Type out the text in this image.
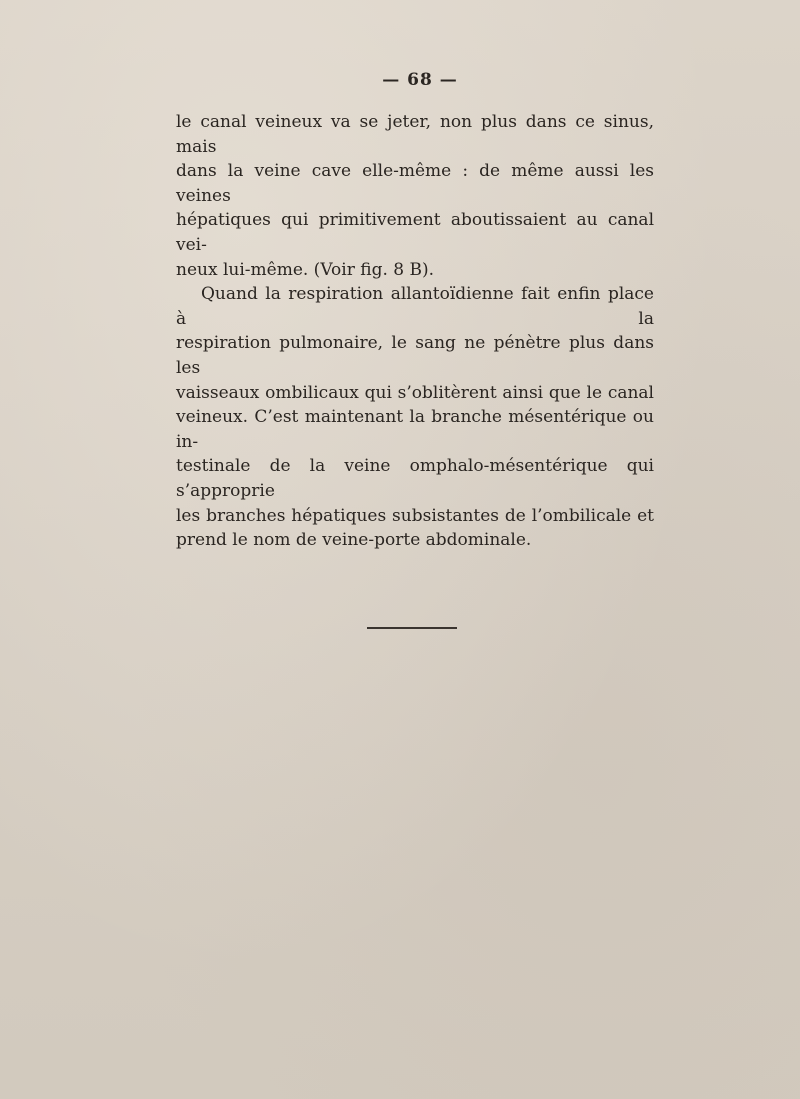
— 68 —

le canal veineux va se jeter, non plus dans ce sinus, mais

dans la veine cave elle-même : de même aussi les veines

hépatiques qui primitivement aboutissaient au canal vei-

neux lui-même. (Voir fig. 8 B).

Quand la respiration allantoïdienne fait enfin place à la

respiration pulmonaire, le sang ne pénètre plus dans les

vaisseaux ombilicaux qui s’oblitèrent ainsi que le canal

veineux. C’est maintenant la branche mésentérique ou in-

testinale de la veine omphalo-mésentérique qui s’approprie

les branches hépatiques subsistantes de l’ombilicale et

prend le nom de veine-porte abdominale.
